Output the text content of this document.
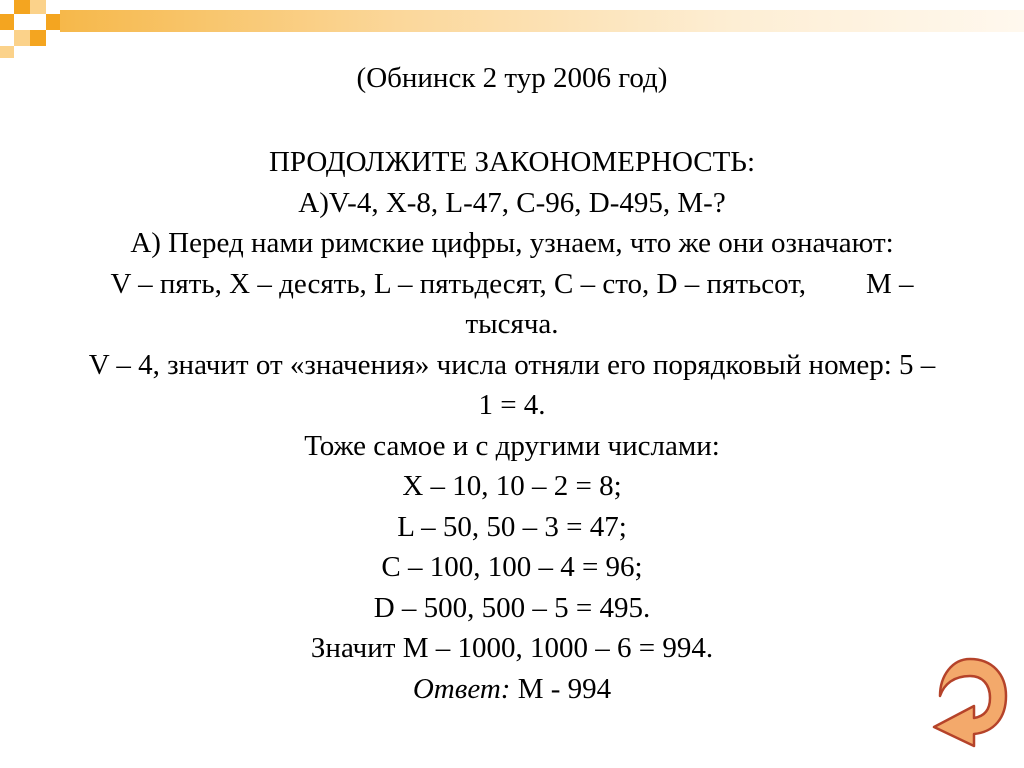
(Обнинск 2 тур 2006 год)
ПРОДОЛЖИТЕ ЗАКОНОМЕРНОСТЬ:
А)V-4, X-8, L-47, C-96, D-495, M-?
А) Перед нами римские цифры, узнаем, что же они означают:
V – пять, X – десять, L – пятьдесят, C – сто, D – пятьсот, M –
тысяча.
V – 4, значит от «значения» числа отняли его порядковый номер: 5 –
1 = 4.
Тоже самое и с другими числами:
X – 10, 10 – 2 = 8;
L – 50, 50 – 3 = 47;
C – 100, 100 – 4 = 96;
D – 500, 500 – 5 = 495.
Значит M – 1000, 1000 – 6 = 994.
Ответ: M - 994
